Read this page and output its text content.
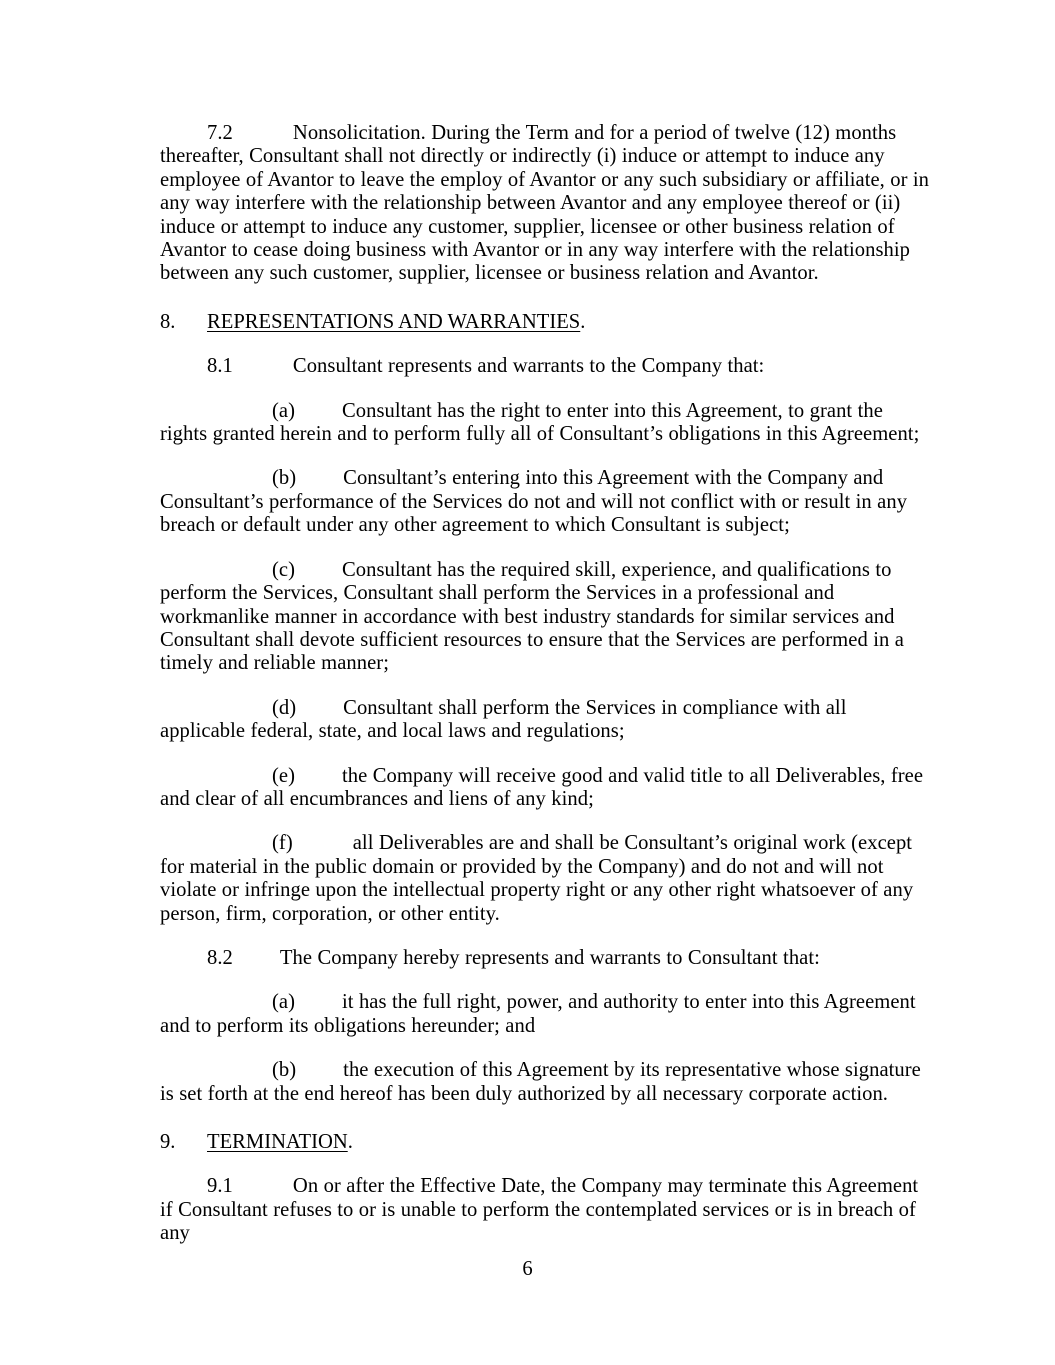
7.2	Nonsolicitation. During the Term and for a period of twelve (12) months thereafter, Consultant shall not directly or indirectly (i) induce or attempt to induce any employee of Avantor to leave the employ of Avantor or any such subsidiary or affiliate, or in any way interfere with the relationship between Avantor and any employee thereof or (ii) induce or attempt to induce any customer, supplier, licensee or other business relation of Avantor to cease doing business with Avantor or in any way interfere with the relationship between any such customer, supplier, licensee or business relation and Avantor.

8.	REPRESENTATIONS AND WARRANTIES.

8.1	Consultant represents and warrants to the Company that:

(a) Consultant has the right to enter into this Agreement, to grant the rights granted herein and to perform fully all of Consultant’s obligations in this Agreement;

(b) Consultant’s entering into this Agreement with the Company and Consultant’s performance of the Services do not and will not conflict with or result in any breach or default under any other agreement to which Consultant is subject;

(c) Consultant has the required skill, experience, and qualifications to perform the Services, Consultant shall perform the Services in a professional and workmanlike manner in accordance with best industry standards for similar services and Consultant shall devote sufficient resources to ensure that the Services are performed in a timely and reliable manner;

(d) Consultant shall perform the Services in compliance with all applicable federal, state, and local laws and regulations;

(e) the Company will receive good and valid title to all Deliverables, free and clear of all encumbrances and liens of any kind;

(f)	all Deliverables are and shall be Consultant’s original work (except for material in the public domain or provided by the Company) and do not and will not violate or infringe upon the intellectual property right or any other right whatsoever of any person, firm, corporation, or other entity.

8.2 The Company hereby represents and warrants to Consultant that:

(a) it has the full right, power, and authority to enter into this Agreement and to perform its obligations hereunder; and

(b) the execution of this Agreement by its representative whose signature is set forth at the end hereof has been duly authorized by all necessary corporate action.

9.	TERMINATION.

9.1	On or after the Effective Date, the Company may terminate this Agreement if Consultant refuses to or is unable to perform the contemplated services or is in breach of any

6
